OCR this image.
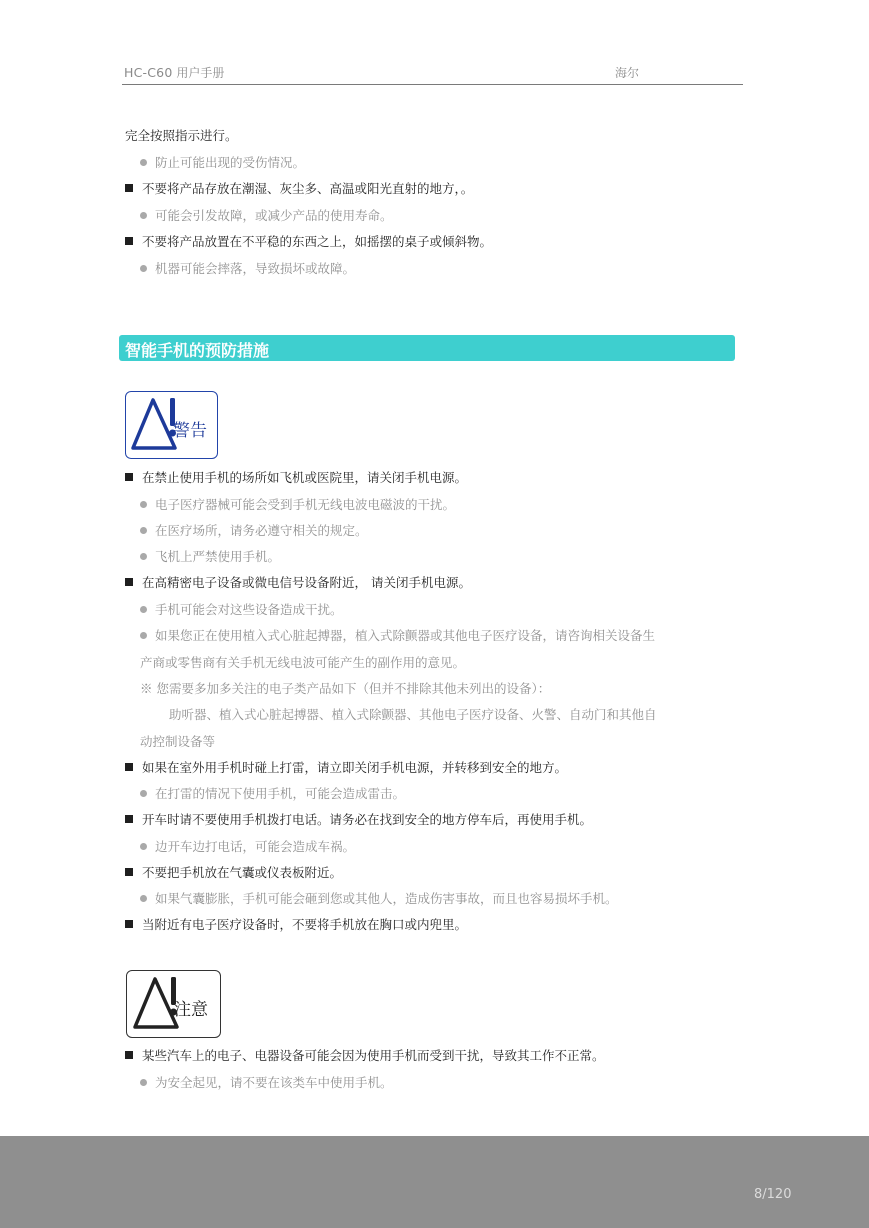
HC-C60 用户手册	海尔
完全按照指示进行。
防止可能出现的受伤情况。
不要将产品存放在潮湿、灰尘多、高温或阳光直射的地方，。
可能会引发故障，或减少产品的使用寿命。
不要将产品放置在不平稳的东西之上，如摇摆的桌子或倾斜物。
机器可能会摔落，导致损坏或故障。
智能手机的预防措施
警告
在禁止使用手机的场所如飞机或医院里，请关闭手机电源。
电子医疗器械可能会受到手机无线电波电磁波的干扰。
在医疗场所，请务必遵守相关的规定。
飞机上严禁使用手机。
在高精密电子设备或微电信号设备附近， 请关闭手机电源。
手机可能会对这些设备造成干扰。
如果您正在使用植入式心脏起搏器，植入式除颤器或其他电子医疗设备，请咨询相关设备生
产商或零售商有关手机无线电波可能产生的副作用的意见。
※ 您需要多加多关注的电子类产品如下（但并不排除其他未列出的设备）：
助听器、植入式心脏起搏器、植入式除颤器、其他电子医疗设备、火警、自动门和其他自
动控制设备等
如果在室外用手机时碰上打雷，请立即关闭手机电源，并转移到安全的地方。
在打雷的情况下使用手机，可能会造成雷击。
开车时请不要使用手机拨打电话。请务必在找到安全的地方停车后，再使用手机。
边开车边打电话，可能会造成车祸。
不要把手机放在气囊或仪表板附近。
如果气囊膨胀，手机可能会砸到您或其他人，造成伤害事故，而且也容易损坏手机。
当附近有电子医疗设备时，不要将手机放在胸口或内兜里。
注意
某些汽车上的电子、电器设备可能会因为使用手机而受到干扰，导致其工作不正常。
为安全起见，请不要在该类车中使用手机。
8/120
